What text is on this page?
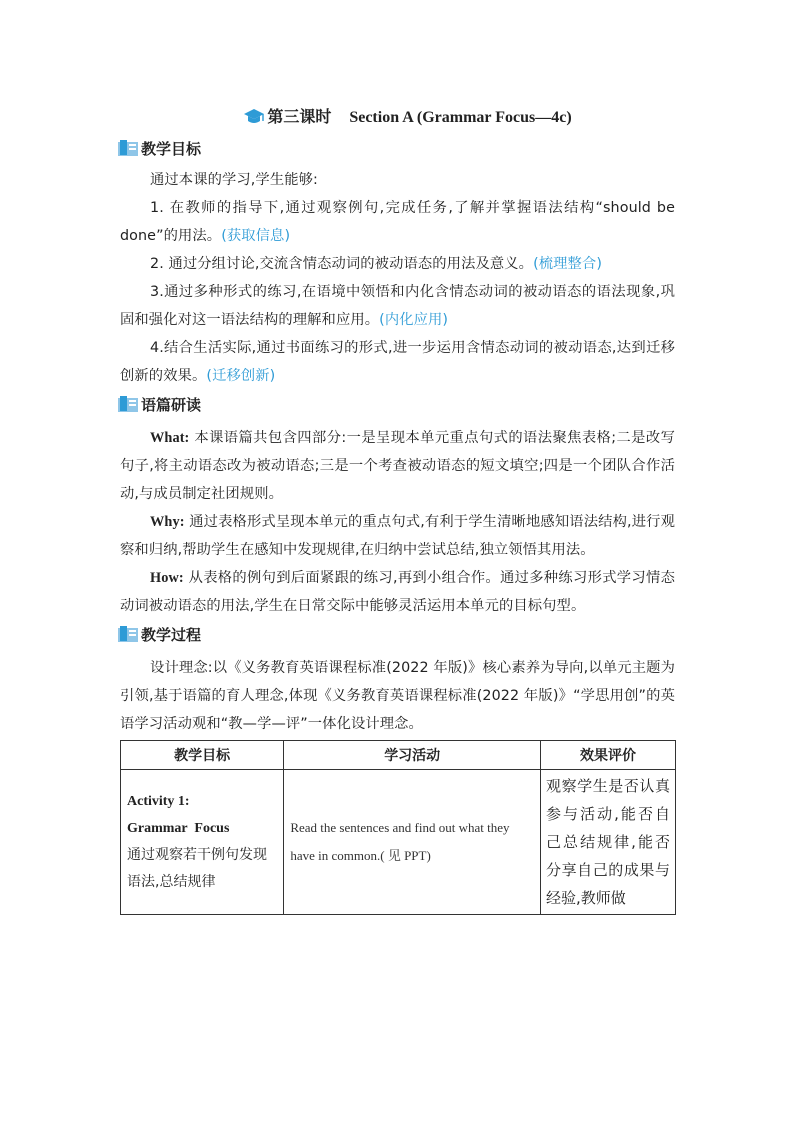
第三课时 Section A (Grammar Focus—4c)
教学目标

通过本课的学习,学生能够:

1. 在教师的指导下,通过观察例句,完成任务,了解并掌握语法结构“should be done”的用法。(获取信息)

2. 通过分组讨论,交流含情态动词的被动语态的用法及意义。(梳理整合)

3.通过多种形式的练习,在语境中领悟和内化含情态动词的被动语态的语法现象,巩固和强化对这一语法结构的理解和应用。(内化应用)

4.结合生活实际,通过书面练习的形式,进一步运用含情态动词的被动语态,达到迁移创新的效果。(迁移创新)

语篇研读

What: 本课语篇共包含四部分:一是呈现本单元重点句式的语法聚焦表格;二是改写句子,将主动语态改为被动语态;三是一个考查被动语态的短文填空;四是一个团队合作活动,与成员制定社团规则。

Why: 通过表格形式呈现本单元的重点句式,有利于学生清晰地感知语法结构,进行观察和归纳,帮助学生在感知中发现规律,在归纳中尝试总结,独立领悟其用法。

How: 从表格的例句到后面紧跟的练习,再到小组合作。通过多种练习形式学习情态动词被动语态的用法,学生在日常交际中能够灵活运用本单元的目标句型。

教学过程

设计理念:以《义务教育英语课程标准(2022 年版)》核心素养为导向,以单元主题为引领,基于语篇的育人理念,体现《义务教育英语课程标准(2022 年版)》“学思用创”的英语学习活动观和“教—学—评”一体化设计理念。

教学目标	学习活动	效果评价

Activity 1:
Grammar  Focus
通过观察若干例句发现语法,总结规律	Read the sentences and find out what they have in common.( 见 PPT)	观察学生是否认真参与活动,能否自己总结规律,能否分享自己的成果与经验,教师做
